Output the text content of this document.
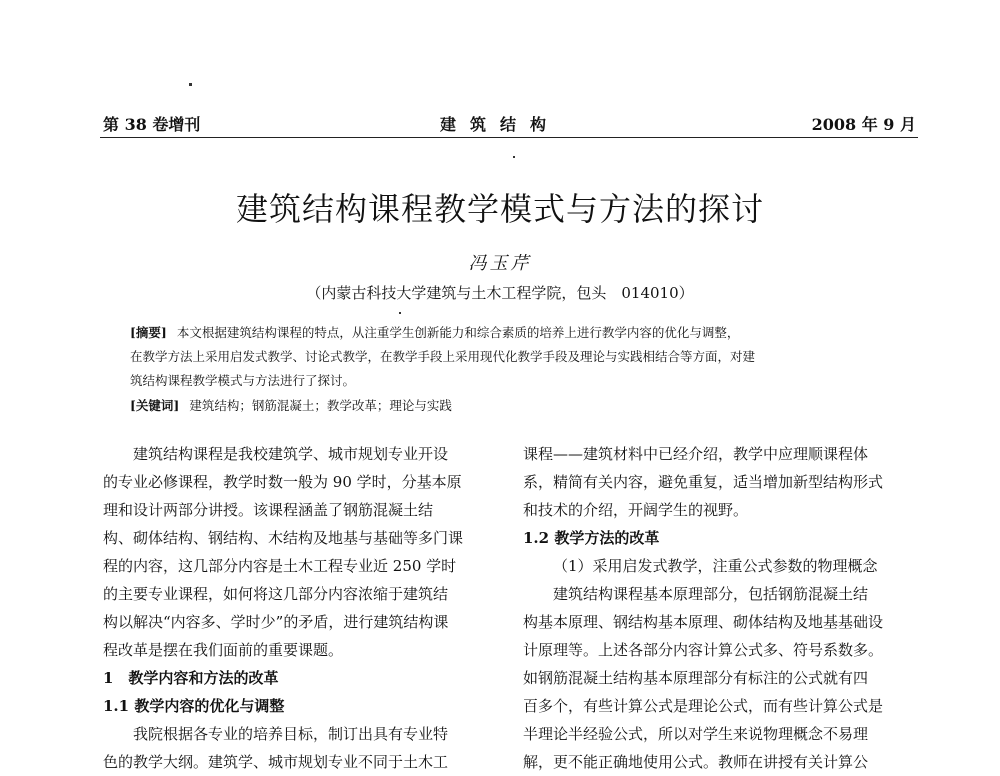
第 38 卷增刊	建筑结构	2008 年 9 月
建筑结构课程教学模式与方法的探讨
冯玉芹
（内蒙古科技大学建筑与土木工程学院，包头　014010）
[摘要] 本文根据建筑结构课程的特点，从注重学生创新能力和综合素质的培养上进行教学内容的优化与调整，
在教学方法上采用启发式教学、讨论式教学，在教学手段上采用现代化教学手段及理论与实践相结合等方面，对建
筑结构课程教学模式与方法进行了探讨。
[关键词] 建筑结构；钢筋混凝土；教学改革；理论与实践
建筑结构课程是我校建筑学、城市规划专业开设
的专业必修课程，教学时数一般为 90 学时，分基本原
理和设计两部分讲授。该课程涵盖了钢筋混凝土结
构、砌体结构、钢结构、木结构及地基与基础等多门课
程的内容，这几部分内容是土木工程专业近 250 学时
的主要专业课程，如何将这几部分内容浓缩于建筑结
构以解决“内容多、学时少”的矛盾，进行建筑结构课
程改革是摆在我们面前的重要课题。
1　教学内容和方法的改革
1.1 教学内容的优化与调整
我院根据各专业的培养目标，制订出具有专业特
色的教学大纲。建筑学、城市规划专业不同于土木工
课程——建筑材料中已经介绍，教学中应理顺课程体
系，精简有关内容，避免重复，适当增加新型结构形式
和技术的介绍，开阔学生的视野。
1.2 教学方法的改革
（1）采用启发式教学，注重公式参数的物理概念
建筑结构课程基本原理部分，包括钢筋混凝土结
构基本原理、钢结构基本原理、砌体结构及地基基础设
计原理等。上述各部分内容计算公式多、符号系数多。
如钢筋混凝土结构基本原理部分有标注的公式就有四
百多个，有些计算公式是理论公式，而有些计算公式是
半理论半经验公式，所以对学生来说物理概念不易理
解，更不能正确地使用公式。教师在讲授有关计算公
